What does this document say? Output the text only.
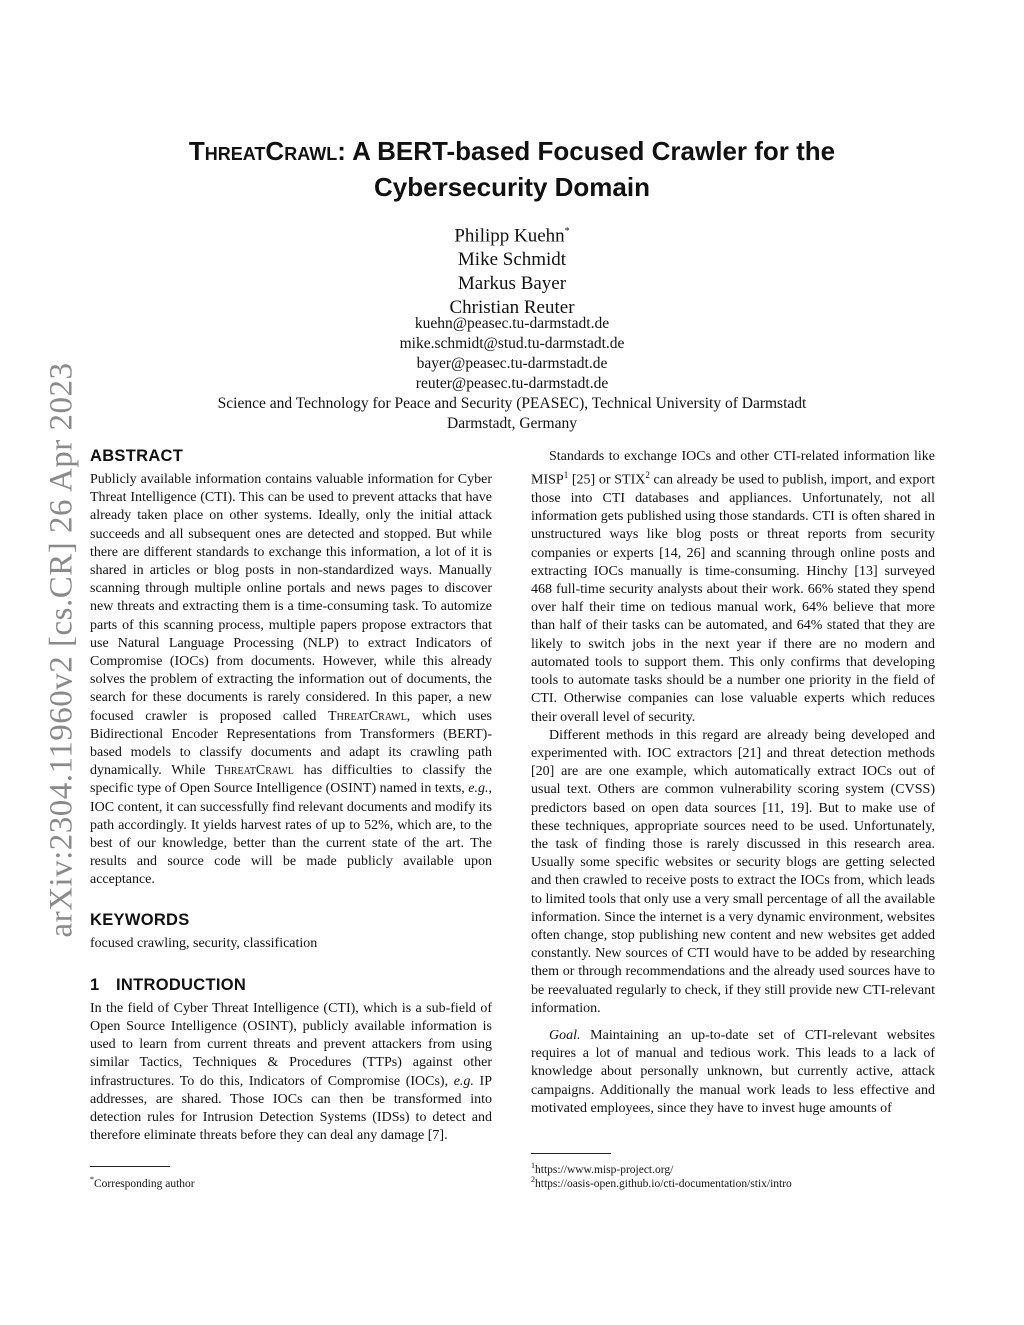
arXiv:2304.11960v2 [cs.CR] 26 Apr 2023
ThreatCrawl: A BERT-based Focused Crawler for the
Cybersecurity Domain
Philipp Kuehn*
Mike Schmidt
Markus Bayer
Christian Reuter
kuehn@peasec.tu-darmstadt.de
mike.schmidt@stud.tu-darmstadt.de
bayer@peasec.tu-darmstadt.de
reuter@peasec.tu-darmstadt.de
Science and Technology for Peace and Security (PEASEC), Technical University of Darmstadt
Darmstadt, Germany
ABSTRACT

Publicly available information contains valuable information for Cyber Threat Intelligence (CTI). This can be used to prevent attacks that have already taken place on other systems. Ideally, only the initial attack succeeds and all subsequent ones are detected and stopped. But while there are different standards to exchange this information, a lot of it is shared in articles or blog posts in non-standardized ways. Manually scanning through multiple online portals and news pages to discover new threats and extracting them is a time-consuming task. To automize parts of this scanning process, multiple papers propose extractors that use Natural Language Processing (NLP) to extract Indicators of Compromise (IOCs) from documents. However, while this already solves the problem of extracting the information out of documents, the search for these documents is rarely considered. In this paper, a new focused crawler is proposed called ThreatCrawl, which uses Bidirectional Encoder Representations from Transformers (BERT)-based models to classify documents and adapt its crawling path dynamically. While ThreatCrawl has difficulties to classify the specific type of Open Source Intelligence (OSINT) named in texts, e.g., IOC content, it can successfully find relevant documents and modify its path accordingly. It yields harvest rates of up to 52%, which are, to the best of our knowledge, better than the current state of the art. The results and source code will be made publicly available upon acceptance.

KEYWORDS

focused crawling, security, classification

1 INTRODUCTION

In the field of Cyber Threat Intelligence (CTI), which is a sub-field of Open Source Intelligence (OSINT), publicly available information is used to learn from current threats and prevent attackers from using similar Tactics, Techniques & Procedures (TTPs) against other infrastructures. To do this, Indicators of Compromise (IOCs), e.g. IP addresses, are shared. Those IOCs can then be transformed into detection rules for Intrusion Detection Systems (IDSs) to detect and therefore eliminate threats before they can deal any damage [7].

Standards to exchange IOCs and other CTI-related information like MISP$^1$ [25] or STIX$^2$ can already be used to publish, import, and export those into CTI databases and appliances. Unfortunately, not all information gets published using those standards. CTI is often shared in unstructured ways like blog posts or threat reports from security companies or experts [14, 26] and scanning through online posts and extracting IOCs manually is time-consuming. Hinchy [13] surveyed 468 full-time security analysts about their work. 66% stated they spend over half their time on tedious manual work, 64% believe that more than half of their tasks can be automated, and 64% stated that they are likely to switch jobs in the next year if there are no modern and automated tools to support them. This only confirms that developing tools to automate tasks should be a number one priority in the field of CTI. Otherwise companies can lose valuable experts which reduces their overall level of security.

Different methods in this regard are already being developed and experimented with. IOC extractors [21] and threat detection methods [20] are are one example, which automatically extract IOCs out of usual text. Others are common vulnerability scoring system (CVSS) predictors based on open data sources [11, 19]. But to make use of these techniques, appropriate sources need to be used. Unfortunately, the task of finding those is rarely discussed in this research area. Usually some specific websites or security blogs are getting selected and then crawled to receive posts to extract the IOCs from, which leads to limited tools that only use a very small percentage of all the available information. Since the internet is a very dynamic environment, websites often change, stop publishing new content and new websites get added constantly. New sources of CTI would have to be added by researching them or through recommendations and the already used sources have to be reevaluated regularly to check, if they still provide new CTI-relevant information.

Goal. Maintaining an up-to-date set of CTI-relevant websites requires a lot of manual and tedious work. This leads to a lack of knowledge about personally unknown, but currently active, attack campaigns. Additionally the manual work leads to less effective and motivated employees, since they have to invest huge amounts of

*Corresponding author
$^1$https://www.misp-project.org/
$^2$https://oasis-open.github.io/cti-documentation/stix/intro
